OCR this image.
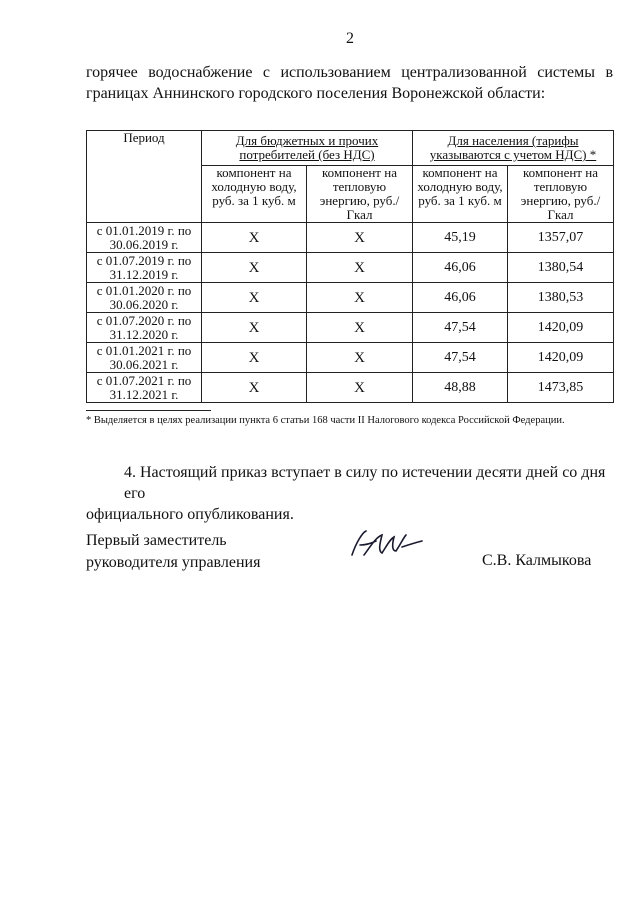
2
горячее водоснабжение с использованием централизованной системы в
границах Аннинского городского поселения Воронежской области:
Период	Для бюджетных и прочих потребителей (без НДС)		Для населения (тарифы указываются с учетом НДС) *	
	компонент на холодную воду, руб. за 1 куб. м	компонент на тепловую энергию, руб./Гкал	компонент на холодную воду, руб. за 1 куб. м	компонент на тепловую энергию, руб./Гкал
с 01.01.2019 г. по 30.06.2019 г.	X	X	45,19	1357,07
с 01.07.2019 г. по 31.12.2019 г.	X	X	46,06	1380,54
с 01.01.2020 г. по 30.06.2020 г.	X	X	46,06	1380,53
с 01.07.2020 г. по 31.12.2020 г.	X	X	47,54	1420,09
с 01.01.2021 г. по 30.06.2021 г.	X	X	47,54	1420,09
с 01.07.2021 г. по 31.12.2021 г.	X	X	48,88	1473,85
* Выделяется в целях реализации пункта 6 статьи 168 части II Налогового кодекса Российской Федерации.
4. Настоящий приказ вступает в силу по истечении десяти дней со дня его
официального опубликования.
Первый заместитель
руководителя управления	С.В. Калмыкова
